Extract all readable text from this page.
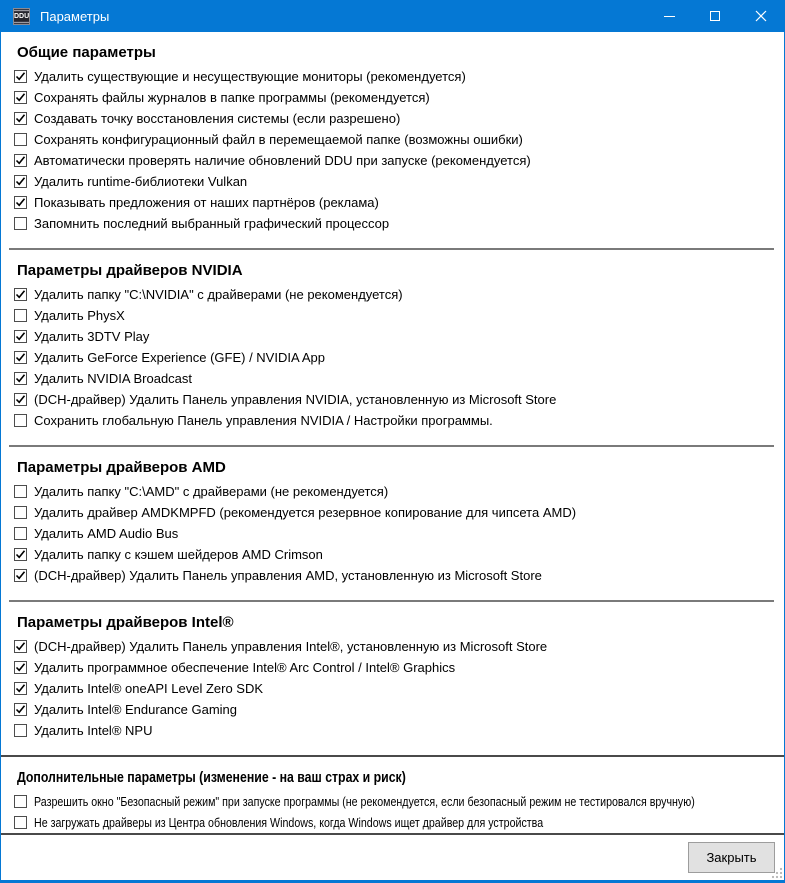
DDU Параметры
Общие параметры
Удалить существующие и несуществующие мониторы (рекомендуется)
Сохранять файлы журналов в папке программы (рекомендуется)
Создавать точку восстановления системы (если разрешено)
Сохранять конфигурационный файл в перемещаемой папке (возможны ошибки)
Автоматически проверять наличие обновлений DDU при запуске (рекомендуется)
Удалить runtime-библиотеки Vulkan
Показывать предложения от наших партнёров (реклама)
Запомнить последний выбранный графический процессор
Параметры драйверов NVIDIA
Удалить папку "C:\NVIDIA" с драйверами (не рекомендуется)
Удалить PhysX
Удалить 3DTV Play
Удалить GeForce Experience (GFE) / NVIDIA App
Удалить NVIDIA Broadcast
(DCH-драйвер) Удалить Панель управления NVIDIA, установленную из Microsoft Store
Сохранить глобальную Панель управления NVIDIA / Настройки программы.
Параметры драйверов AMD
Удалить папку "C:\AMD" с драйверами (не рекомендуется)
Удалить драйвер AMDKMPFD (рекомендуется резервное копирование для чипсета AMD)
Удалить AMD Audio Bus
Удалить папку с кэшем шейдеров AMD Crimson
(DCH-драйвер) Удалить Панель управления AMD, установленную из Microsoft Store
Параметры драйверов Intel®
(DCH-драйвер) Удалить Панель управления Intel®, установленную из Microsoft Store
Удалить программное обеспечение Intel® Arc Control / Intel® Graphics
Удалить Intel® oneAPI Level Zero SDK
Удалить Intel® Endurance Gaming
Удалить Intel® NPU
Дополнительные параметры (изменение - на ваш страх и риск)
Разрешить окно "Безопасный режим" при запуске программы (не рекомендуется, если безопасный режим не тестировался вручную)
Не загружать драйверы из Центра обновления Windows, когда Windows ищет драйвер для устройства
Закрыть
